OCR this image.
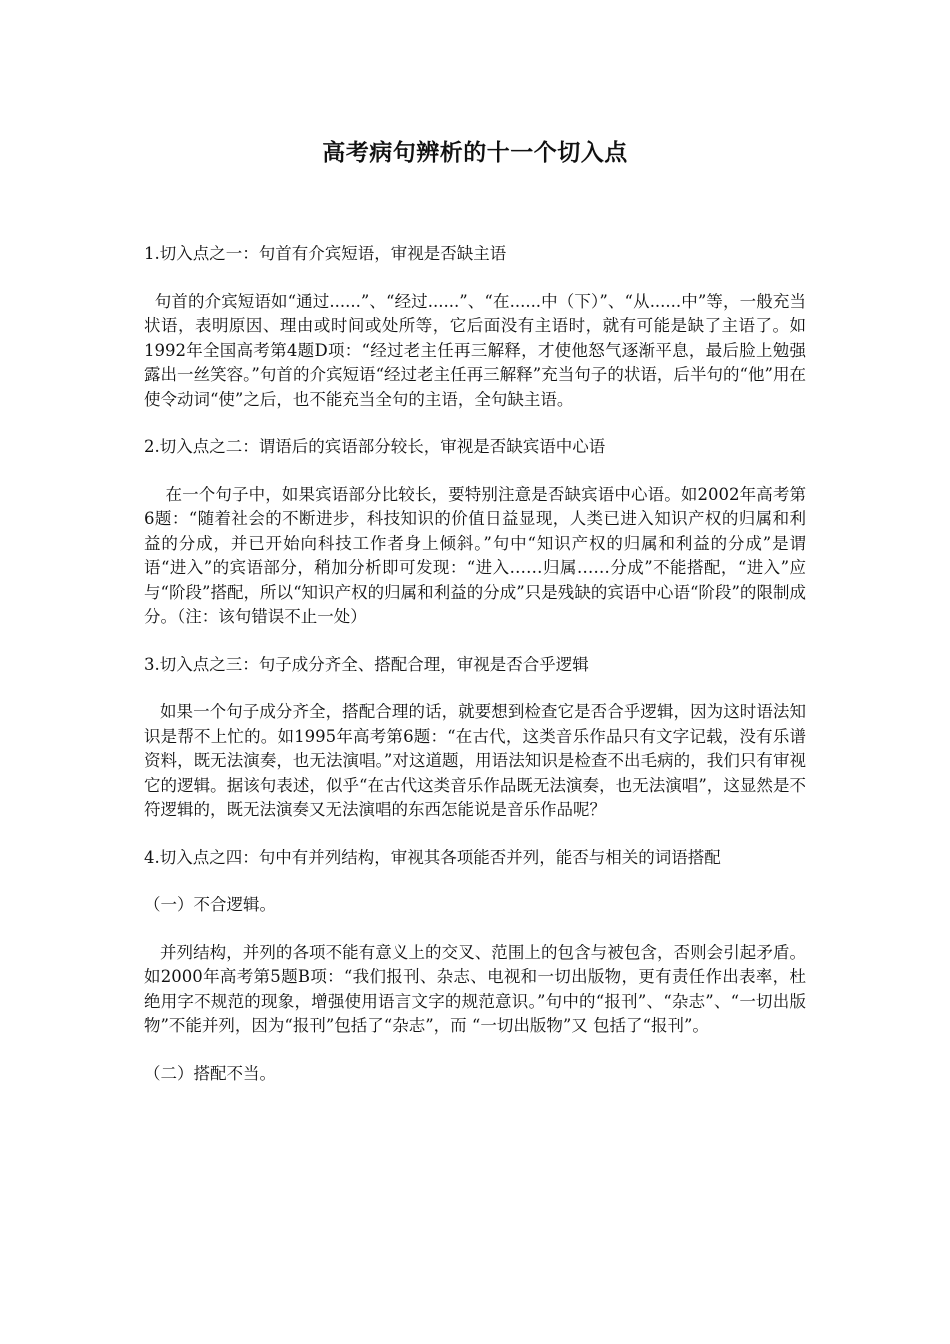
高考病句辨析的十一个切入点

1.切入点之一：句首有介宾短语，审视是否缺主语

句首的介宾短语如“通过......”、“经过......”、“在......中（下）”、“从......中”等，一般充当状语，表明原因、理由或时间或处所等，它后面没有主语时，就有可能是缺了主语了。如1992年全国高考第4题D项：“经过老主任再三解释，才使他怒气逐渐平息，最后脸上勉强露出一丝笑容。”句首的介宾短语“经过老主任再三解释”充当句子的状语，后半句的“他”用在使令动词“使”之后，也不能充当全句的主语，全句缺主语。

2.切入点之二：谓语后的宾语部分较长，审视是否缺宾语中心语

在一个句子中，如果宾语部分比较长，要特别注意是否缺宾语中心语。如2002年高考第6题：“随着社会的不断进步，科技知识的价值日益显现，人类已进入知识产权的归属和利益的分成，并已开始向科技工作者身上倾斜。”句中“知识产权的归属和利益的分成”是谓语“进入”的宾语部分，稍加分析即可发现：“进入……归属……分成”不能搭配，“进入”应与“阶段”搭配，所以“知识产权的归属和利益的分成”只是残缺的宾语中心语“阶段”的限制成分。（注：该句错误不止一处）

3.切入点之三：句子成分齐全、搭配合理，审视是否合乎逻辑

如果一个句子成分齐全，搭配合理的话，就要想到检查它是否合乎逻辑，因为这时语法知识是帮不上忙的。如1995年高考第6题：“在古代，这类音乐作品只有文字记载，没有乐谱资料，既无法演奏，也无法演唱。”对这道题，用语法知识是检查不出毛病的，我们只有审视它的逻辑。据该句表述，似乎“在古代这类音乐作品既无法演奏，也无法演唱”，这显然是不符逻辑的，既无法演奏又无法演唱的东西怎能说是音乐作品呢？

4.切入点之四：句中有并列结构，审视其各项能否并列，能否与相关的词语搭配

（一）不合逻辑。

并列结构，并列的各项不能有意义上的交叉、范围上的包含与被包含，否则会引起矛盾。如2000年高考第5题B项：“我们报刊、杂志、电视和一切出版物，更有责任作出表率，杜绝用字不规范的现象，增强使用语言文字的规范意识。”句中的“报刊”、“杂志”、“一切出版物”不能并列，因为“报刊”包括了“杂志”，而 “一切出版物”又 包括了“报刊”。

（二）搭配不当。
